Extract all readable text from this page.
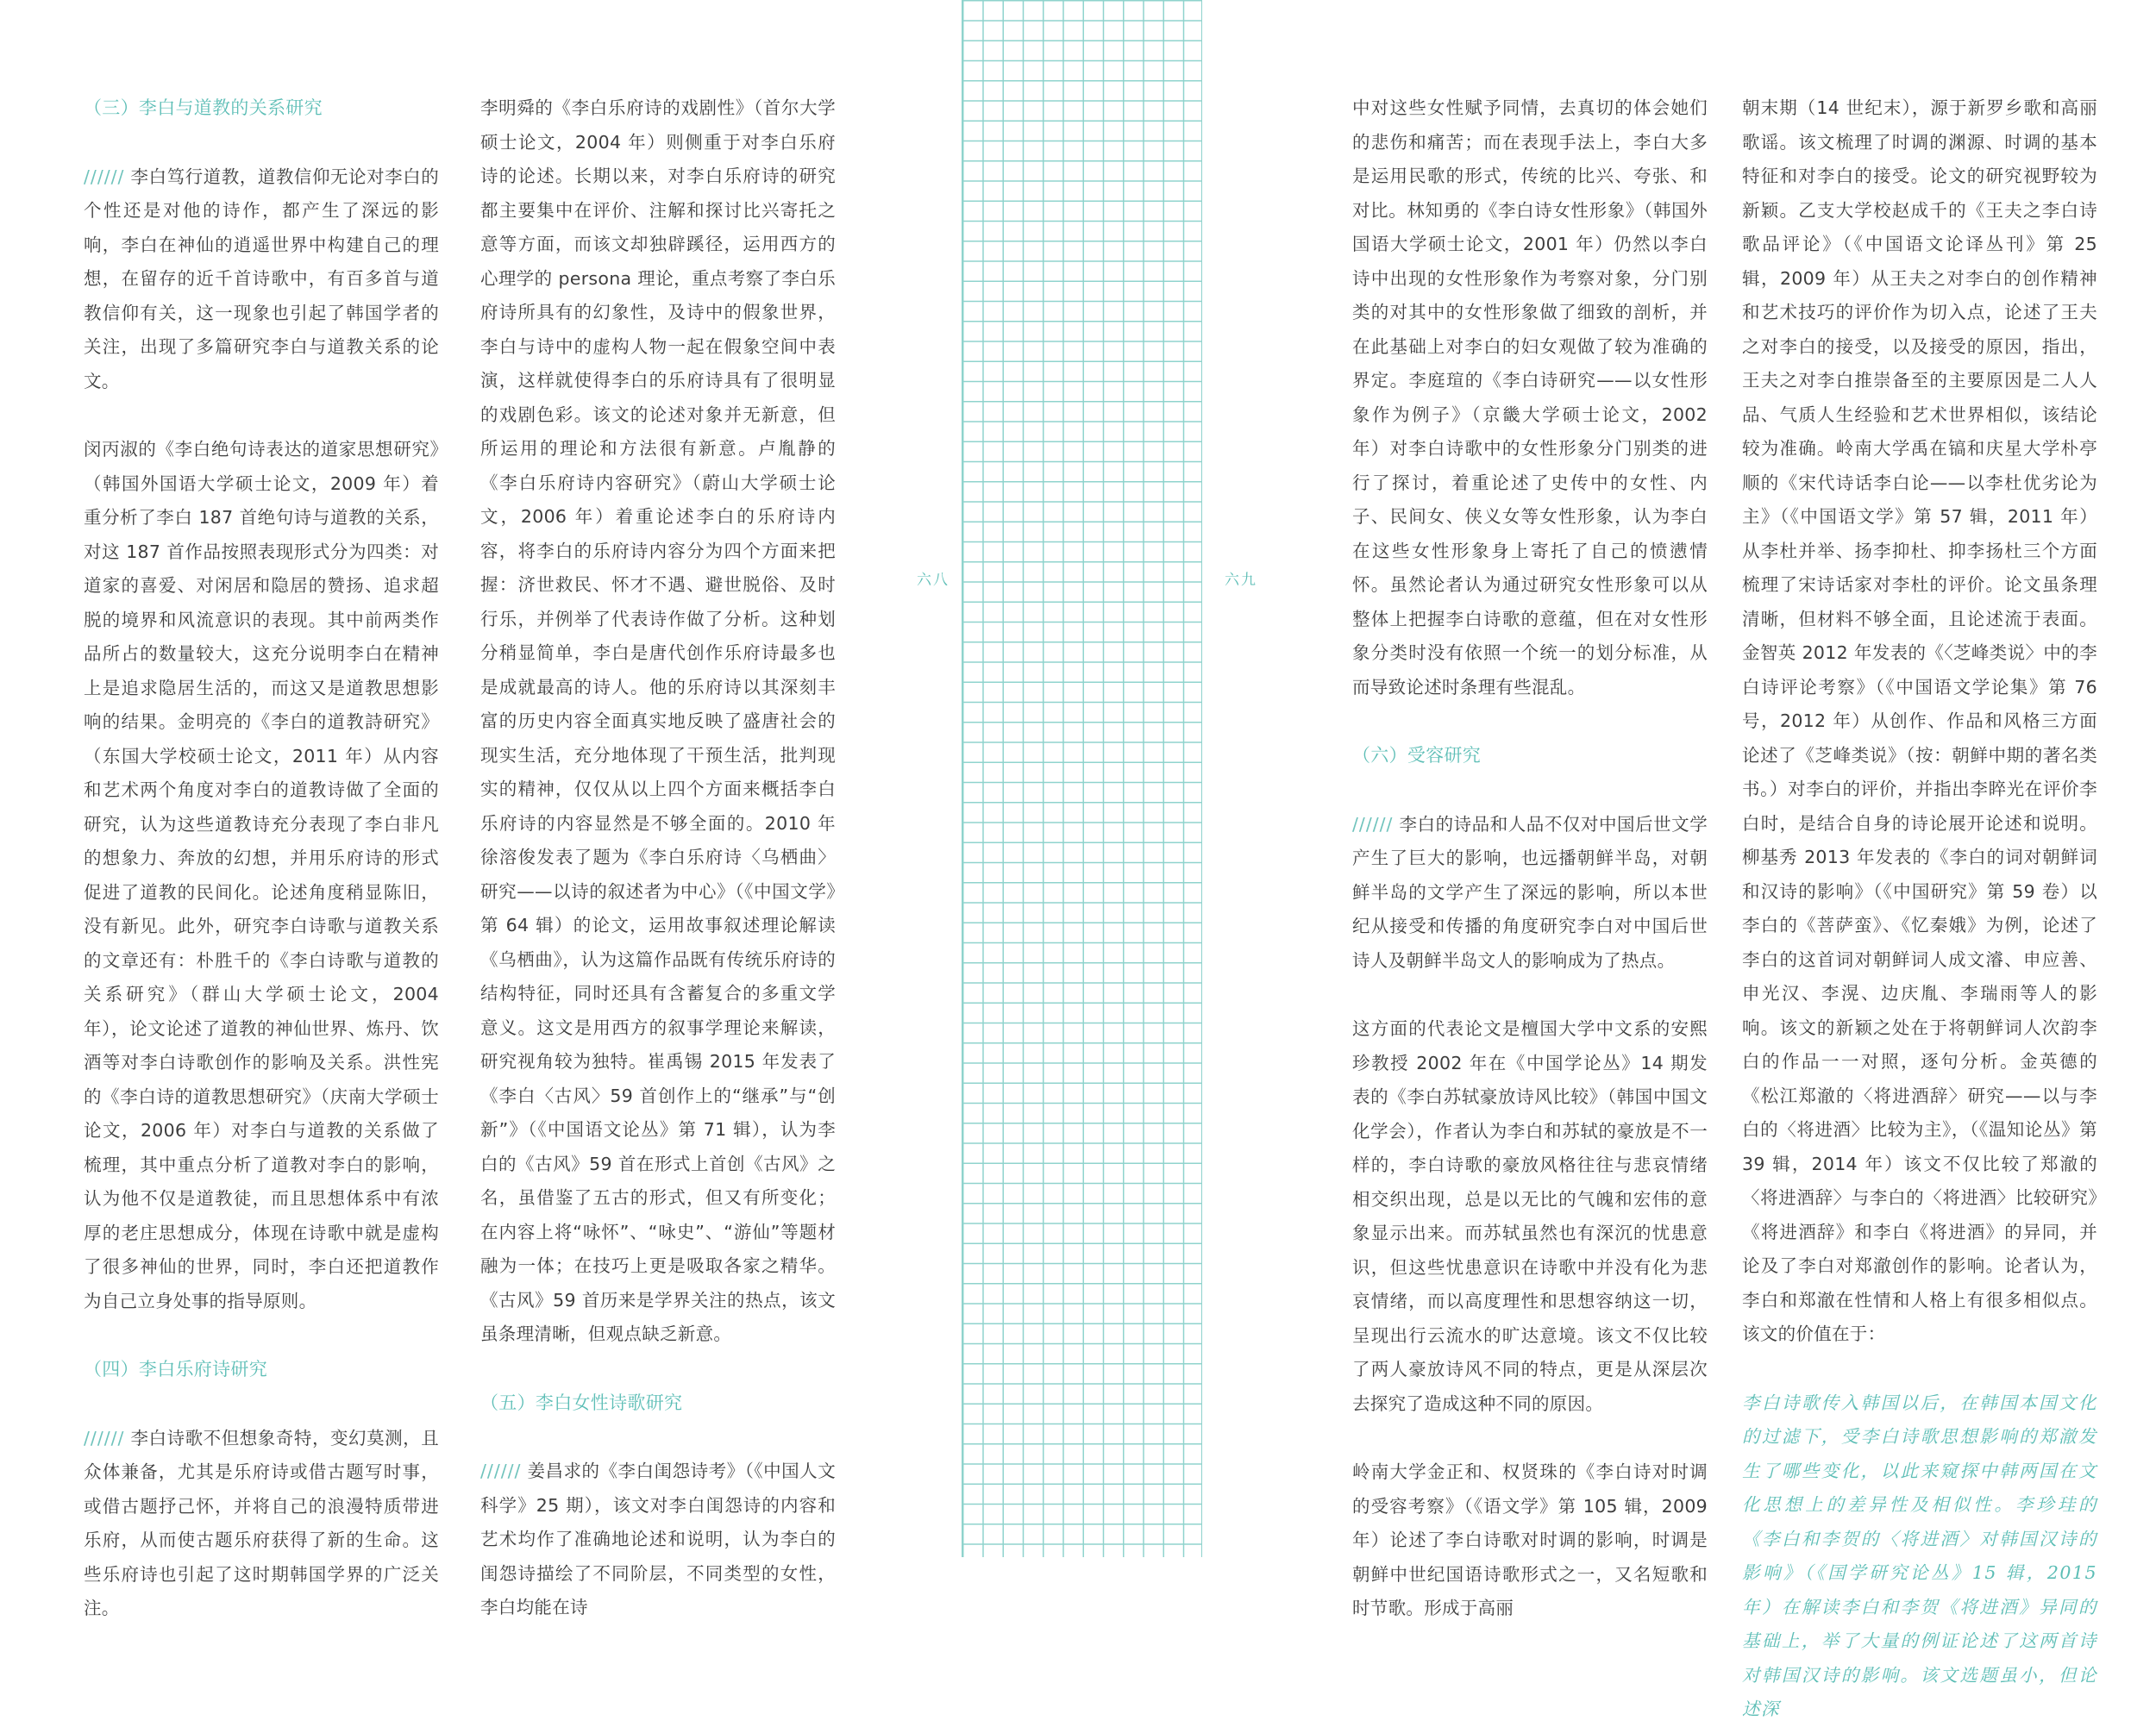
（三）李白与道教的关系研究

////// 李白笃行道教，道教信仰无论对李白的个性还是对他的诗作，都产生了深远的影响，李白在神仙的逍遥世界中构建自己的理想，在留存的近千首诗歌中，有百多首与道教信仰有关，这一现象也引起了韩国学者的关注，出现了多篇研究李白与道教关系的论文。

闵丙淑的《李白绝句诗表达的道家思想研究》（韩国外国语大学硕士论文，2009 年）着重分析了李白 187 首绝句诗与道教的关系，对这 187 首作品按照表现形式分为四类：对道家的喜爱、对闲居和隐居的赞扬、追求超脱的境界和风流意识的表现。其中前两类作品所占的数量较大，这充分说明李白在精神上是追求隐居生活的，而这又是道教思想影响的结果。金明亮的《李白的道教詩研究》（东国大学校硕士论文，2011 年）从内容和艺术两个角度对李白的道教诗做了全面的研究，认为这些道教诗充分表现了李白非凡的想象力、奔放的幻想，并用乐府诗的形式促进了道教的民间化。论述角度稍显陈旧，没有新见。此外，研究李白诗歌与道教关系的文章还有：朴胜千的《李白诗歌与道教的关系研究》（群山大学硕士论文，2004 年），论文论述了道教的神仙世界、炼丹、饮酒等对李白诗歌创作的影响及关系。洪性宪的《李白诗的道教思想研究》（庆南大学硕士论文，2006 年）对李白与道教的关系做了梳理，其中重点分析了道教对李白的影响，认为他不仅是道教徒，而且思想体系中有浓厚的老庄思想成分，体现在诗歌中就是虚构了很多神仙的世界，同时，李白还把道教作为自己立身处事的指导原则。

（四）李白乐府诗研究

////// 李白诗歌不但想象奇特，变幻莫测，且众体兼备，尤其是乐府诗或借古题写时事，或借古题抒己怀，并将自己的浪漫特质带进乐府，从而使古题乐府获得了新的生命。这些乐府诗也引起了这时期韩国学界的广泛关注。

李明舜的《李白乐府诗的戏剧性》（首尔大学硕士论文，2004 年）则侧重于对李白乐府诗的论述。长期以来，对李白乐府诗的研究都主要集中在评价、注解和探讨比兴寄托之意等方面，而该文却独辟蹊径，运用西方的心理学的 persona 理论，重点考察了李白乐府诗所具有的幻象性，及诗中的假象世界，李白与诗中的虚构人物一起在假象空间中表演，这样就使得李白的乐府诗具有了很明显的戏剧色彩。该文的论述对象并无新意，但所运用的理论和方法很有新意。卢胤静的《李白乐府诗内容研究》（蔚山大学硕士论文，2006 年）着重论述李白的乐府诗内容，将李白的乐府诗内容分为四个方面来把握：济世救民、怀才不遇、避世脱俗、及时行乐，并例举了代表诗作做了分析。这种划分稍显简单，李白是唐代创作乐府诗最多也是成就最高的诗人。他的乐府诗以其深刻丰富的历史内容全面真实地反映了盛唐社会的现实生活，充分地体现了干预生活，批判现实的精神，仅仅从以上四个方面来概括李白乐府诗的内容显然是不够全面的。2010 年徐溶俊发表了题为《李白乐府诗〈乌栖曲〉研究——以诗的叙述者为中心》（《中国文学》第 64 辑）的论文，运用故事叙述理论解读《乌栖曲》，认为这篇作品既有传统乐府诗的结构特征，同时还具有含蓄复合的多重文学意义。这文是用西方的叙事学理论来解读，研究视角较为独特。崔禹锡 2015 年发表了《李白〈古风〉59 首创作上的“继承”与“创新”》（《中国语文论丛》第 71 辑），认为李白的《古风》59 首在形式上首创《古风》之名，虽借鉴了五古的形式，但又有所变化；在内容上将“咏怀”、“咏史”、“游仙”等题材融为一体；在技巧上更是吸取各家之精华。《古风》59 首历来是学界关注的热点，该文虽条理清晰，但观点缺乏新意。

（五）李白女性诗歌研究

////// 姜昌求的《李白闺怨诗考》（《中国人文科学》25 期），该文对李白闺怨诗的内容和艺术均作了准确地论述和说明，认为李白的闺怨诗描绘了不同阶层，不同类型的女性，李白均能在诗

六八	六九

中对这些女性赋予同情，去真切的体会她们的悲伤和痛苦；而在表现手法上，李白大多是运用民歌的形式，传统的比兴、夸张、和对比。林知勇的《李白诗女性形象》（韩国外国语大学硕士论文，2001 年）仍然以李白诗中出现的女性形象作为考察对象，分门别类的对其中的女性形象做了细致的剖析，并在此基础上对李白的妇女观做了较为准确的界定。李庭瑄的《李白诗研究——以女性形象作为例子》（京畿大学硕士论文，2002 年）对李白诗歌中的女性形象分门别类的进行了探讨，着重论述了史传中的女性、内子、民间女、侠义女等女性形象，认为李白在这些女性形象身上寄托了自己的愤懑情怀。虽然论者认为通过研究女性形象可以从整体上把握李白诗歌的意蕴，但在对女性形象分类时没有依照一个统一的划分标准，从而导致论述时条理有些混乱。

（六）受容研究

////// 李白的诗品和人品不仅对中国后世文学产生了巨大的影响，也远播朝鲜半岛，对朝鲜半岛的文学产生了深远的影响，所以本世纪从接受和传播的角度研究李白对中国后世诗人及朝鲜半岛文人的影响成为了热点。

这方面的代表论文是檀国大学中文系的安熙珍教授 2002 年在《中国学论丛》14 期发表的《李白苏轼豪放诗风比较》（韩国中国文化学会），作者认为李白和苏轼的豪放是不一样的，李白诗歌的豪放风格往往与悲哀情绪相交织出现，总是以无比的气魄和宏伟的意象显示出来。而苏轼虽然也有深沉的忧患意识，但这些忧患意识在诗歌中并没有化为悲哀情绪，而以高度理性和思想容纳这一切，呈现出行云流水的旷达意境。该文不仅比较了两人豪放诗风不同的特点，更是从深层次去探究了造成这种不同的原因。

岭南大学金正和、权贤珠的《李白诗对时调的受容考察》（《语文学》第 105 辑，2009 年）论述了李白诗歌对时调的影响，时调是朝鲜中世纪国语诗歌形式之一，又名短歌和时节歌。形成于高丽

朝末期（14 世纪末），源于新罗乡歌和高丽歌谣。该文梳理了时调的渊源、时调的基本特征和对李白的接受。论文的研究视野较为新颖。乙支大学校赵成千的《王夫之李白诗歌品评论》（《中国语文论译丛刊》第 25 辑，2009 年）从王夫之对李白的创作精神和艺术技巧的评价作为切入点，论述了王夫之对李白的接受，以及接受的原因，指出，王夫之对李白推崇备至的主要原因是二人人品、气质人生经验和艺术世界相似，该结论较为准确。岭南大学禹在镐和庆星大学朴亭顺的《宋代诗话李白论——以李杜优劣论为主》（《中国语文学》第 57 辑，2011 年）从李杜并举、扬李抑杜、抑李扬杜三个方面梳理了宋诗话家对李杜的评价。论文虽条理清晰，但材料不够全面，且论述流于表面。金智英 2012 年发表的《〈芝峰类说〉中的李白诗评论考察》（《中国语文学论集》第 76 号，2012 年）从创作、作品和风格三方面论述了《芝峰类说》（按：朝鲜中期的著名类书。）对李白的评价，并指出李睟光在评价李白时，是结合自身的诗论展开论述和说明。柳基秀 2013 年发表的《李白的词对朝鲜词和汉诗的影响》（《中国研究》第 59 卷）以李白的《菩萨蛮》、《忆秦娥》为例，论述了李白的这首词对朝鲜词人成文濬、申应善、申光汉、李滉、边庆胤、李瑞雨等人的影响。该文的新颖之处在于将朝鲜词人次韵李白的作品一一对照，逐句分析。金英德的《松江郑澈的〈将进酒辞〉研究——以与李白的〈将进酒〉比较为主》，（《温知论丛》第 39 辑，2014 年）该文不仅比较了郑澈的〈将进酒辞〉与李白的〈将进酒〉比较研究》《将进酒辞》和李白《将进酒》的异同，并论及了李白对郑澈创作的影响。论者认为，李白和郑澈在性情和人格上有很多相似点。该文的价值在于：

李白诗歌传入韩国以后，在韩国本国文化的过滤下，受李白诗歌思想影响的郑澈发生了哪些变化，以此来窥探中韩两国在文化思想上的差异性及相似性。李珍珪的《李白和李贺的〈将进酒〉对韩国汉诗的影响》（《国学研究论丛》15 辑，2015 年）在解读李白和李贺《将进酒》异同的基础上，举了大量的例证论述了这两首诗对韩国汉诗的影响。该文选题虽小，但论述深
